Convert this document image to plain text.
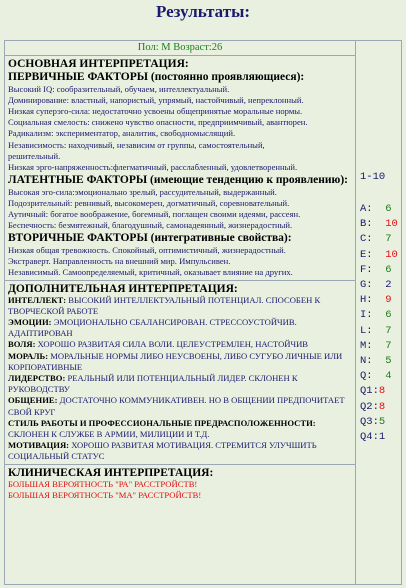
Результаты:
Пол: М Возраст:26
ОСНОВНАЯ ИНТЕРПРЕТАЦИЯ:
ПЕРВИЧНЫЕ ФАКТОРЫ (постоянно проявляющиеся):
Высокий IQ: сообразительный, обучаем, интеллектуальный.
Доминирование: властный, напористый, упрямый, настойчивый, непреклонный.
Низкая суперэго-сила: недостаточно усвоены общепринятые моральные нормы.
Социальная смелость: снижено чувство опасности, предприимчивый, авантюрен.
Радикализм: экспериментатор, аналитик, свободномыслящий.
Независимость: находчивый, независим от группы, самостоятельный,
решительный.
Низкая эрго-напряженность:флегматичный, расслабленный, удовлетворенный.
ЛАТЕНТНЫЕ ФАКТОРЫ (имеющие тенденцию к проявлению):
Высокая эго-сила:эмоционально зрелый, рассудительный, выдержанный.
Подозрительный: ревнивый, высокомерен, догматичный, соревновательный.
Аутичный: богатое воображение, богемный, поглащен своими идеями, рассеян.
Беспечность: безмятежный, благодушный, самонадеянный, жизнерадостный.
ВТОРИЧНЫЕ ФАКТОРЫ (интегративные свойства):
Низкая общая тревожность. Спокойный, оптимистичный, жизнерадостный.
Экстраверт. Направленность на внешний мир. Импульсивен.
Независимый. Самоопределяемый, критичный, оказывает влияние на других.
ДОПОЛНИТЕЛЬНАЯ ИНТЕРПРЕТАЦИЯ:
ИНТЕЛЛЕКТ: ВЫСОКИЙ ИНТЕЛЛЕКТУАЛЬНЫЙ ПОТЕНЦИАЛ. СПОСОБЕН К ТВОРЧЕСКОЙ РАБОТЕ
ЭМОЦИИ: ЭМОЦИОНАЛЬНО СБАЛАНСИРОВАН. СТРЕССОУСТОЙЧИВ. АДАПТИРОВАН
ВОЛЯ: ХОРОШО РАЗВИТАЯ СИЛА ВОЛИ. ЦЕЛЕУСТРЕМЛЕН, НАСТОЙЧИВ
МОРАЛЬ: МОРАЛЬНЫЕ НОРМЫ ЛИБО НЕУСВОЕНЫ, ЛИБО СУГУБО ЛИЧНЫЕ ИЛИ КОРПОРАТИВНЫЕ
ЛИДЕРСТВО: РЕАЛЬНЫЙ ИЛИ ПОТЕНЦИАЛЬНЫЙ ЛИДЕР. СКЛОНЕН К РУКОВОДСТВУ
ОБЩЕНИЕ: ДОСТАТОЧНО КОММУНИКАТИВЕН. НО В ОБЩЕНИИ ПРЕДПОЧИТАЕТ СВОЙ КРУГ
СТИЛЬ РАБОТЫ И ПРОФЕССИОНАЛЬНЫЕ ПРЕДРАСПОЛОЖЕННОСТИ: СКЛОНЕН К СЛУЖБЕ В АРМИИ, МИЛИЦИИ И Т.Д.
МОТИВАЦИЯ: ХОРОШО РАЗВИТАЯ МОТИВАЦИЯ. СТРЕМИТСЯ УЛУЧШИТЬ СОЦИАЛЬНЫЙ СТАТУС
КЛИНИЧЕСКАЯ ИНТЕРПРЕТАЦИЯ:
БОЛЬШАЯ ВЕРОЯТНОСТЬ "РА" РАССТРОЙСТВ!
БОЛЬШАЯ ВЕРОЯТНОСТЬ "МА" РАССТРОЙСТВ!
1-10
A: 6
B: 10
C: 7
E: 10
F: 6
G: 2
H: 9
I: 6
L: 7
M: 7
N: 5
Q: 4
Q1:8
Q2:8
Q3:5
Q4:1
